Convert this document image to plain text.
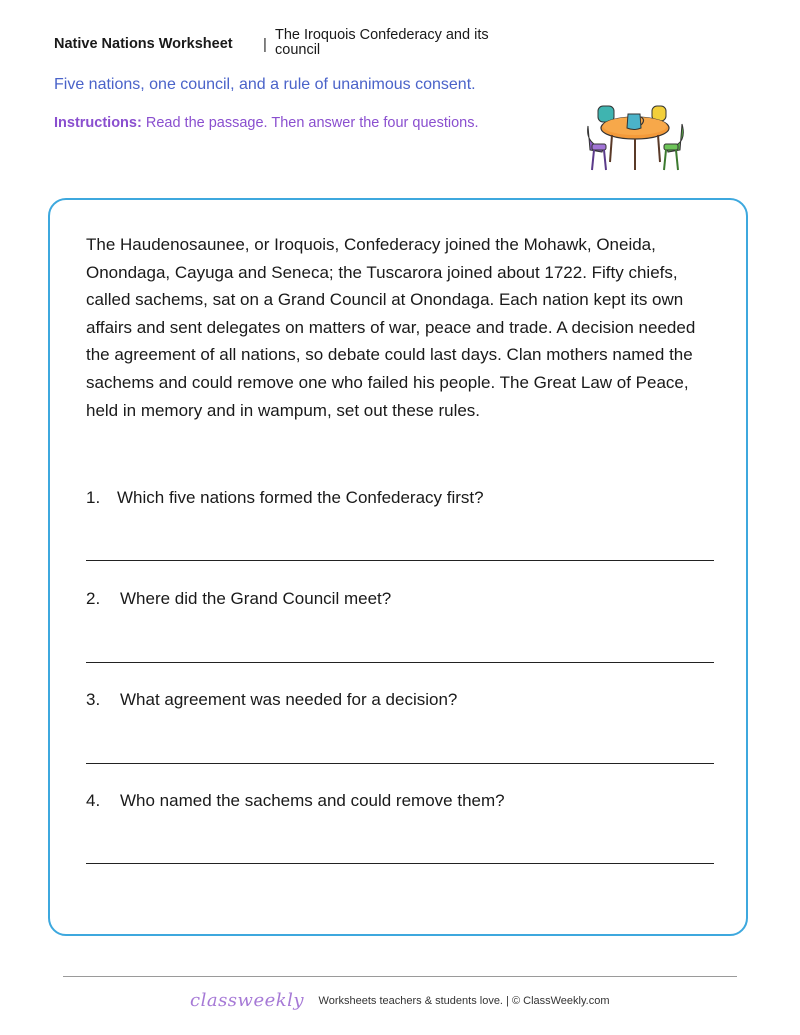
Native Nations Worksheet |
The Iroquois Confederacy and its council
Five nations, one council, and a rule of unanimous consent.
Instructions: Read the passage. Then answer the four questions.

The Haudenosaunee, or Iroquois, Confederacy joined the Mohawk, Oneida, Onondaga, Cayuga and Seneca; the Tuscarora joined about 1722. Fifty chiefs, called sachems, sat on a Grand Council at Onondaga. Each nation kept its own affairs and sent delegates on matters of war, peace and trade. A decision needed the agreement of all nations, so debate could last days. Clan mothers named the sachems and could remove one who failed his people. The Great Law of Peace, held in memory and in wampum, set out these rules.

1. Which five nations formed the Confederacy first?
2. Where did the Grand Council meet?
3. What agreement was needed for a decision?
4. Who named the sachems and could remove them?
classweekly Worksheets teachers & students love. | © ClassWeekly.com
